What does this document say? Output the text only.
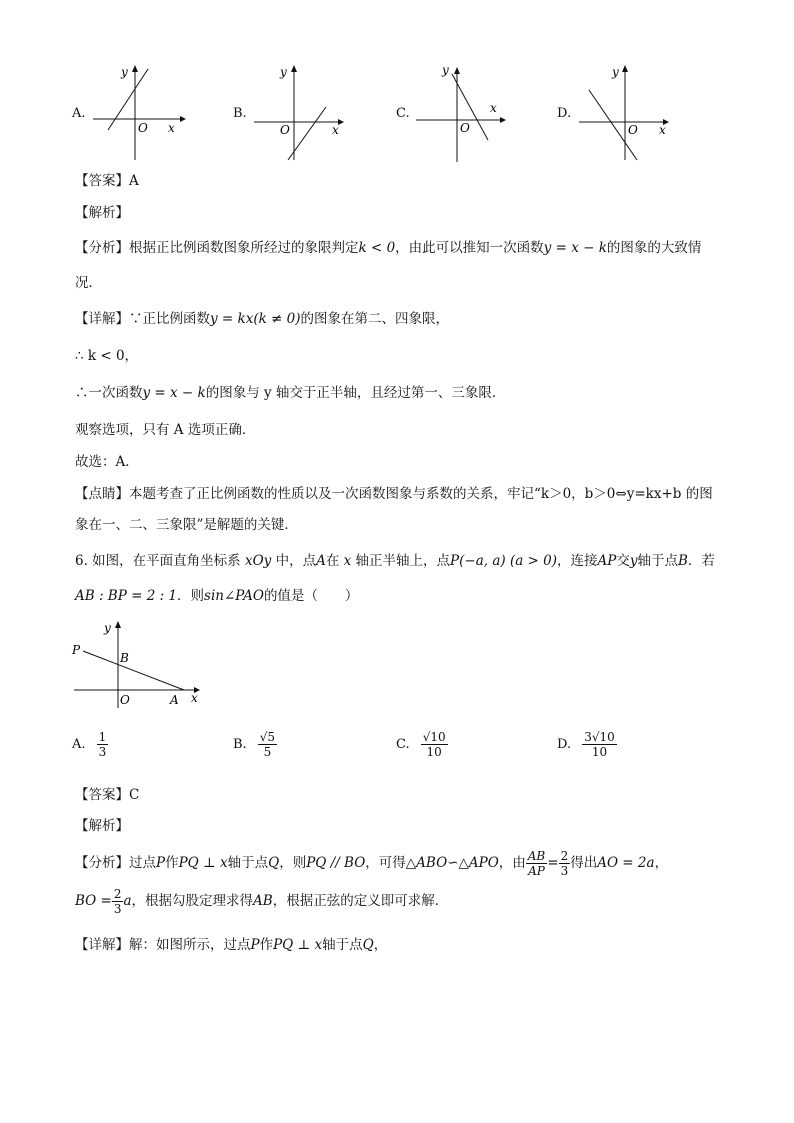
A.
y
x
O
B.
y
x
O
C.
y
x
O
D.
y
x
O
【答案】A
【解析】
【分析】根据正比例函数图象所经过的象限判定k < 0，由此可以推知一次函数y = x − k的图象的大致情
况．
【详解】∵正比例函数y = kx(k ≠ 0)的图象在第二、四象限，
∴ k < 0，
∴一次函数y = x − k的图象与 y 轴交于正半轴，且经过第一、三象限．
观察选项，只有 A 选项正确．
故选：A．
【点睛】本题考查了正比例函数的性质以及一次函数图象与系数的关系，牢记“k＞0，b＞0⇔y=kx+b 的图
象在一、二、三象限”是解题的关键．
6. 如图，在平面直角坐标系 xOy 中，点A在 x 轴正半轴上，点P(−a, a) (a > 0)，连接AP交y轴于点B．若
AB : BP = 2 : 1．则sin∠PAO的值是（　　）
P
B
O	A x
y
A. $\frac{1}{3}$	B. $\frac{√5}{5}$	C. $\frac{√10}{10}$	D. $\frac{3√10}{10}$
【答案】C
【解析】
【分析】过点P作PQ ⊥ x轴于点Q，则PQ // BO，可得△ABO∽△APO，由 $\frac{AB}{AP} = \frac{2}{3}$ 得出AO = 2a，
BO = $\frac{2}{3}$ a，根据勾股定理求得AB，根据正弦的定义即可求解．
【详解】解：如图所示，过点P作PQ ⊥ x轴于点Q，
